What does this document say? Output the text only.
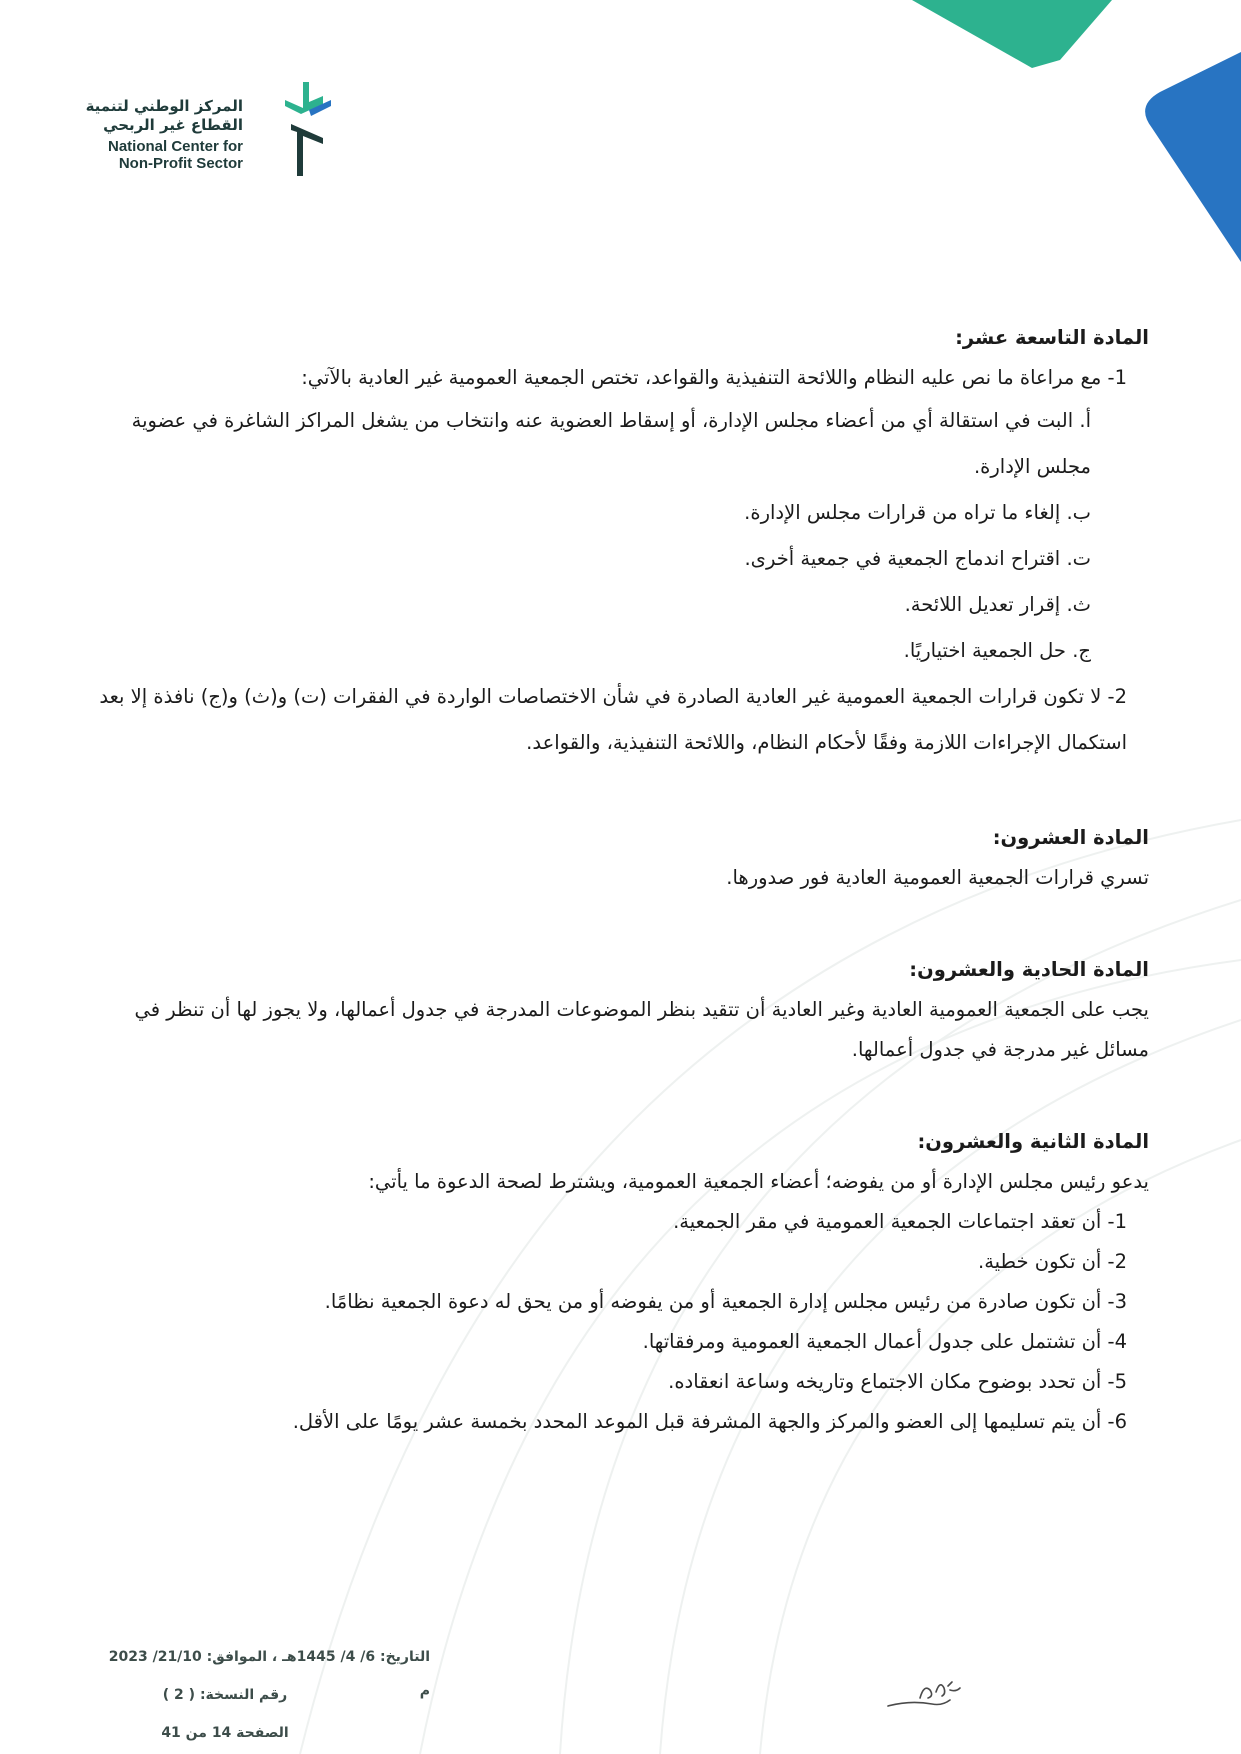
المركز الوطني لتنمية
القطاع غير الربحي
National Center for
Non-Profit Sector

المادة التاسعة عشر:

1- مع مراعاة ما نص عليه النظام واللائحة التنفيذية والقواعد، تختص الجمعية العمومية غير العادية بالآتي:

أ. البت في استقالة أي من أعضاء مجلس الإدارة، أو إسقاط العضوية عنه وانتخاب من يشغل المراكز الشاغرة في عضوية مجلس الإدارة.

ب. إلغاء ما تراه من قرارات مجلس الإدارة.

ت. اقتراح اندماج الجمعية في جمعية أخرى.

ث. إقرار تعديل اللائحة.

ج. حل الجمعية اختياريًا.

2- لا تكون قرارات الجمعية العمومية غير العادية الصادرة في شأن الاختصاصات الواردة في الفقرات (ت) و(ث) و(ج) نافذة إلا بعد استكمال الإجراءات اللازمة وفقًا لأحكام النظام، واللائحة التنفيذية، والقواعد.

المادة العشرون:

تسري قرارات الجمعية العمومية العادية فور صدورها.

المادة الحادية والعشرون:

يجب على الجمعية العمومية العادية وغير العادية أن تتقيد بنظر الموضوعات المدرجة في جدول أعمالها، ولا يجوز لها أن تنظر في مسائل غير مدرجة في جدول أعمالها.

المادة الثانية والعشرون:

يدعو رئيس مجلس الإدارة أو من يفوضه؛ أعضاء الجمعية العمومية، ويشترط لصحة الدعوة ما يأتي:

1- أن تعقد اجتماعات الجمعية العمومية في مقر الجمعية.

2- أن تكون خطية.

3- أن تكون صادرة من رئيس مجلس إدارة الجمعية أو من يفوضه أو من يحق له دعوة الجمعية نظامًا.

4- أن تشتمل على جدول أعمال الجمعية العمومية ومرفقاتها.

5- أن تحدد بوضوح مكان الاجتماع وتاريخه وساعة انعقاده.

6- أن يتم تسليمها إلى العضو والمركز والجهة المشرفة قبل الموعد المحدد بخمسة عشر يومًا على الأقل.

التاريخ: 6/ 4/ 1445هـ ، الموافق: 21/10/ 2023 م
رقم النسخة: ( 2 )
الصفحة 14 من 41
